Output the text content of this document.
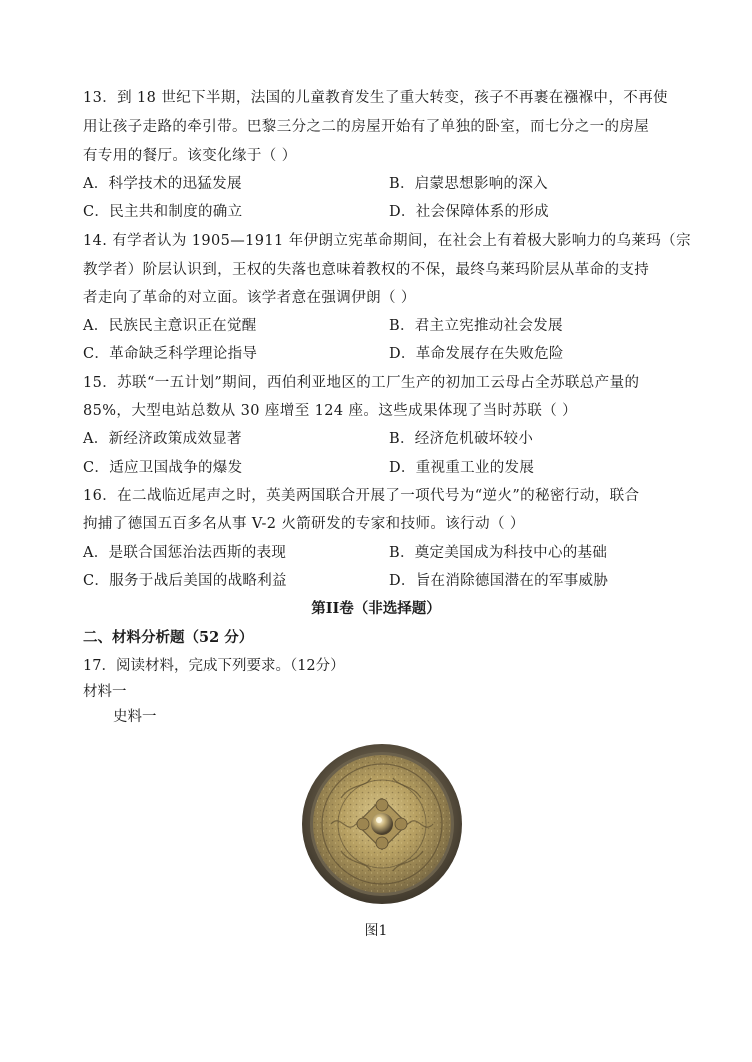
13．到 18 世纪下半期，法国的儿童教育发生了重大转变，孩子不再裹在襁褓中，不再使
用让孩子走路的牵引带。巴黎三分之二的房屋开始有了单独的卧室，而七分之一的房屋
有专用的餐厅。该变化缘于（ ）
A．科学技术的迅猛发展	B．启蒙思想影响的深入
C．民主共和制度的确立	D．社会保障体系的形成
14. 有学者认为 1905—1911 年伊朗立宪革命期间，在社会上有着极大影响力的乌莱玛（宗
教学者）阶层认识到，王权的失落也意味着教权的不保，最终乌莱玛阶层从革命的支持
者走向了革命的对立面。该学者意在强调伊朗（ ）
A．民族民主意识正在觉醒	B．君主立宪推动社会发展
C．革命缺乏科学理论指导	D．革命发展存在失败危险
15．苏联“一五计划”期间，西伯利亚地区的工厂生产的初加工云母占全苏联总产量的
85%，大型电站总数从 30 座增至 124 座。这些成果体现了当时苏联（ ）
A．新经济政策成效显著	B．经济危机破坏较小
C．适应卫国战争的爆发	D．重视重工业的发展
16．在二战临近尾声之时，英美两国联合开展了一项代号为“逆火”的秘密行动，联合
拘捕了德国五百多名从事 V-2 火箭研发的专家和技师。该行动（ ）
A．是联合国惩治法西斯的表现	B．奠定美国成为科技中心的基础
C．服务于战后美国的战略利益	D．旨在消除德国潜在的军事威胁
第II卷（非选择题）
二、材料分析题（52 分）
17．阅读材料，完成下列要求。（12分）
材料一
史料一
图1
